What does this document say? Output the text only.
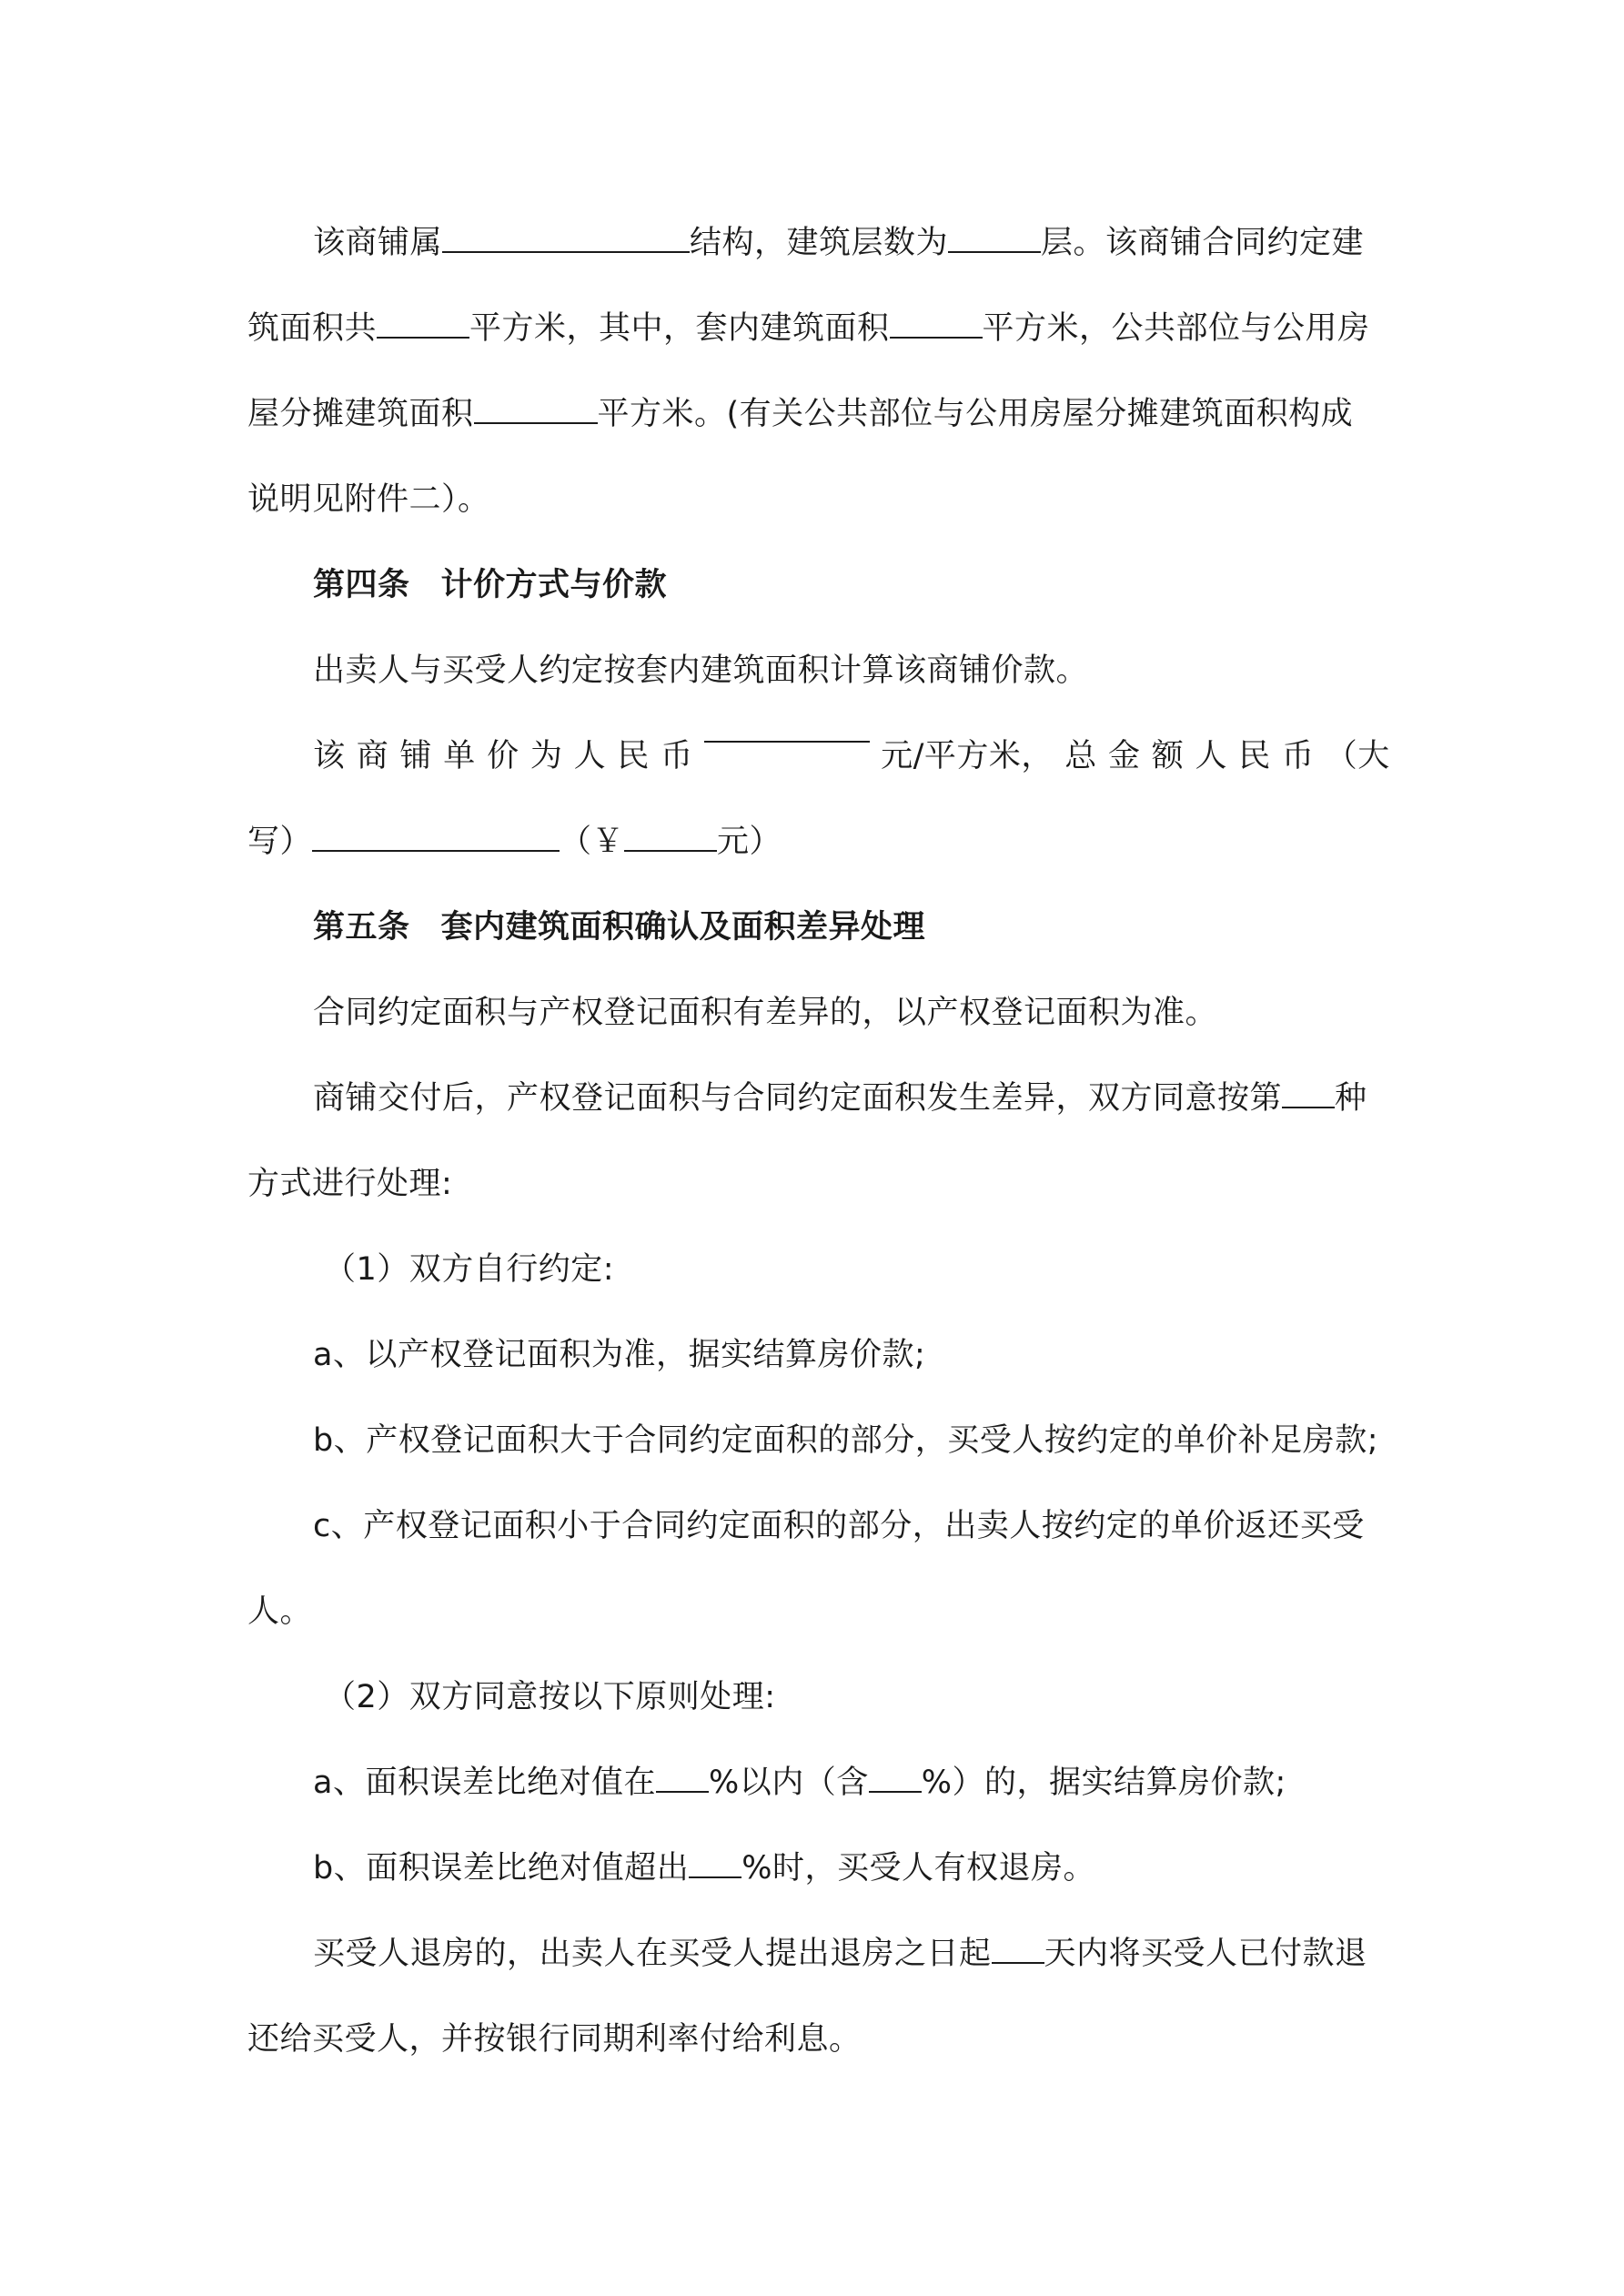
该商铺属	结构，建筑层数为	层。该商铺合同约定建

筑面积共	平方米，其中，套内建筑面积	平方米，公共部位与公用房

屋分摊建筑面积	平方米。(有关公共部位与公用房屋分摊建筑面积构成

说明见附件二）。

第四条 计价方式与价款

出卖人与买受人约定按套内建筑面积计算该商铺价款。

该 商 铺 单 价 为 人 民 币	元/平方米， 总 金 额 人 民 币 （大

写）	（￥	元）

第五条 套内建筑面积确认及面积差异处理

合同约定面积与产权登记面积有差异的，以产权登记面积为准。

商铺交付后，产权登记面积与合同约定面积发生差异，双方同意按第 种

方式进行处理:

（1）双方自行约定:

a、以产权登记面积为准，据实结算房价款;

b、产权登记面积大于合同约定面积的部分，买受人按约定的单价补足房款;

c、产权登记面积小于合同约定面积的部分，出卖人按约定的单价返还买受

人。

（2）双方同意按以下原则处理:

a、面积误差比绝对值在 %以内（含 %）的，据实结算房价款;

b、面积误差比绝对值超出 %时，买受人有权退房。

买受人退房的，出卖人在买受人提出退房之日起 天内将买受人已付款退

还给买受人，并按银行同期利率付给利息。
